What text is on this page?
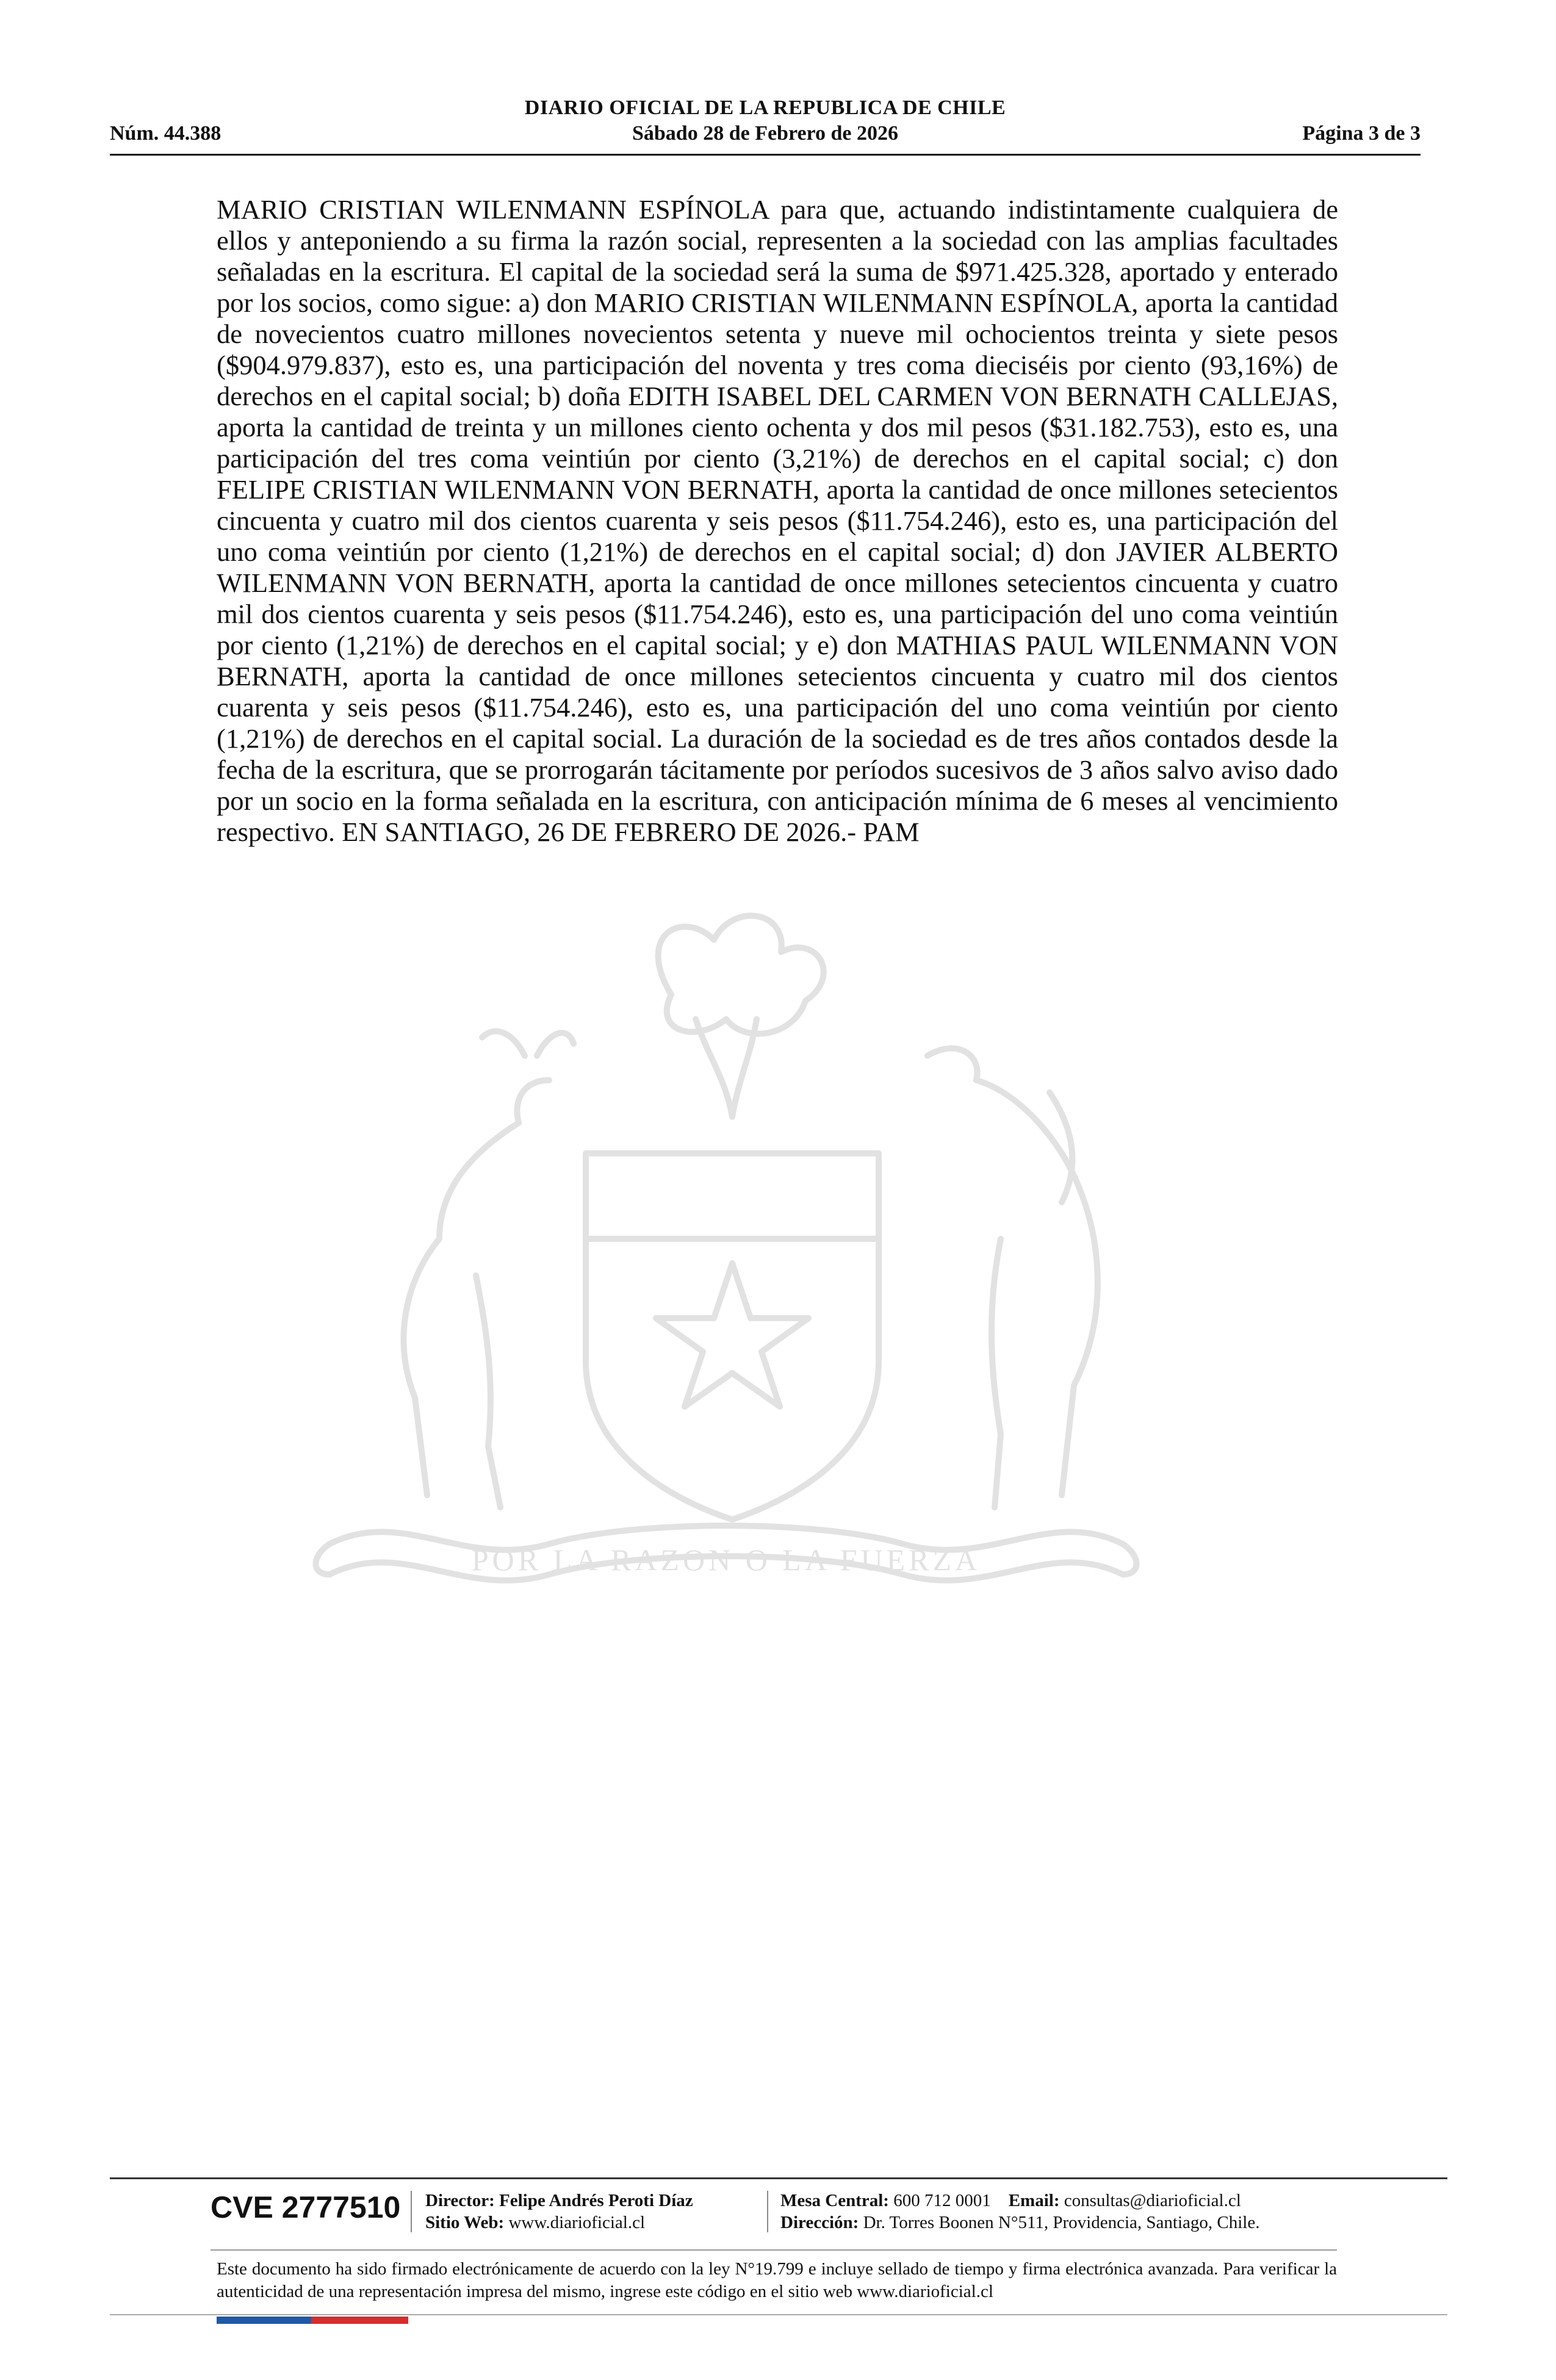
DIARIO OFICIAL DE LA REPUBLICA DE CHILE
Núm. 44.388	Sábado 28 de Febrero de 2026	Página 3 de 3
MARIO CRISTIAN WILENMANN ESPÍNOLA para que, actuando indistintamente cualquiera de ellos y anteponiendo a su firma la razón social, representen a la sociedad con las amplias facultades señaladas en la escritura. El capital de la sociedad será la suma de $971.425.328, aportado y enterado por los socios, como sigue: a) don MARIO CRISTIAN WILENMANN ESPÍNOLA, aporta la cantidad de novecientos cuatro millones novecientos setenta y nueve mil ochocientos treinta y siete pesos ($904.979.837), esto es, una participación del noventa y tres coma dieciséis por ciento (93,16%) de derechos en el capital social; b) doña EDITH ISABEL DEL CARMEN VON BERNATH CALLEJAS, aporta la cantidad de treinta y un millones ciento ochenta y dos mil pesos ($31.182.753), esto es, una participación del tres coma veintiún por ciento (3,21%) de derechos en el capital social; c) don FELIPE CRISTIAN WILENMANN VON BERNATH, aporta la cantidad de once millones setecientos cincuenta y cuatro mil dos cientos cuarenta y seis pesos ($11.754.246), esto es, una participación del uno coma veintiún por ciento (1,21%) de derechos en el capital social; d) don JAVIER ALBERTO WILENMANN VON BERNATH, aporta la cantidad de once millones setecientos cincuenta y cuatro mil dos cientos cuarenta y seis pesos ($11.754.246), esto es, una participación del uno coma veintiún por ciento (1,21%) de derechos en el capital social; y e) don MATHIAS PAUL WILENMANN VON BERNATH, aporta la cantidad de once millones setecientos cincuenta y cuatro mil dos cientos cuarenta y seis pesos ($11.754.246), esto es, una participación del uno coma veintiún por ciento (1,21%) de derechos en el capital social. La duración de la sociedad es de tres años contados desde la fecha de la escritura, que se prorrogarán tácitamente por períodos sucesivos de 3 años salvo aviso dado por un socio en la forma señalada en la escritura, con anticipación mínima de 6 meses al vencimiento respectivo. EN SANTIAGO, 26 DE FEBRERO DE 2026.- PAM
POR LA RAZON O LA FUERZA
CVE 2777510 Director: Felipe Andrés Peroti Díaz
Sitio Web: www.diarioficial.cl
Mesa Central: 600 712 0001 Email: consultas@diarioficial.cl
Dirección: Dr. Torres Boonen N°511, Providencia, Santiago, Chile.
Este documento ha sido firmado electrónicamente de acuerdo con la ley N°19.799 e incluye sellado de tiempo y firma electrónica avanzada. Para verificar la autenticidad de una representación impresa del mismo, ingrese este código en el sitio web www.diarioficial.cl
